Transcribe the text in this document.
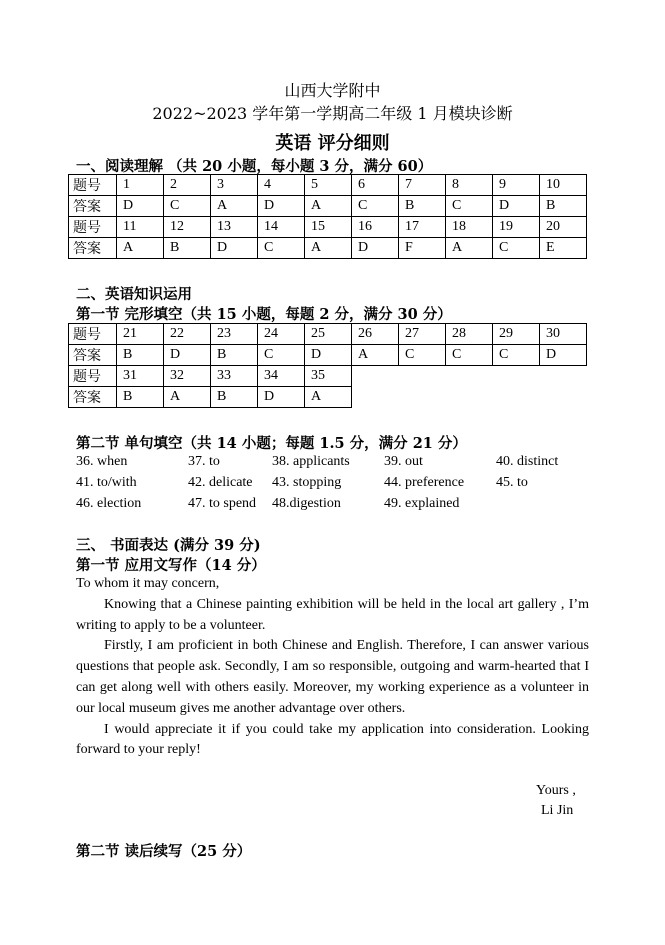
山西大学附中
2022~2023 学年第一学期高二年级 1 月模块诊断
英语 评分细则
一、阅读理解 （共 20 小题，每小题 3 分，满分 60）
题号	1	2	3	4	5	6	7	8	9	10
答案	D	C	A	D	A	C	B	C	D	B
题号	11	12	13	14	15	16	17	18	19	20
答案	A	B	D	C	A	D	F	A	C	E
二、英语知识运用
第一节 完形填空（共 15 小题，每题 2 分，满分 30 分）
题号	21	22	23	24	25	26	27	28	29	30
答案	B	D	B	C	D	A	C	C	C	D
题号	31	32	33	34	35					
答案	B	A	B	D	A					
第二节 单句填空（共 14 小题；每题 1.5 分，满分 21 分）
36. when	37. to	38. applicants 39. out	40. distinct
41. to/with	42. delicate 43. stopping	44. preference 45. to
46. election	47. to spend 48.digestion	49. explained
三、 书面表达 (满分 39 分)
第一节 应用文写作（14 分）

To whom it may concern,

Knowing that a Chinese painting exhibition will be held in the local art gallery , I’m writing to apply to be a volunteer.

Firstly, I am proficient in both Chinese and English. Therefore, I can answer various questions that people ask. Secondly, I am so responsible, outgoing and warm-hearted that I can get along well with others easily. Moreover, my working experience as a volunteer in our local museum gives me another advantage over others.

I would appreciate it if you could take my application into consideration. Looking forward to your reply!

Yours ,
Li Jin
第二节 读后续写（25 分）
